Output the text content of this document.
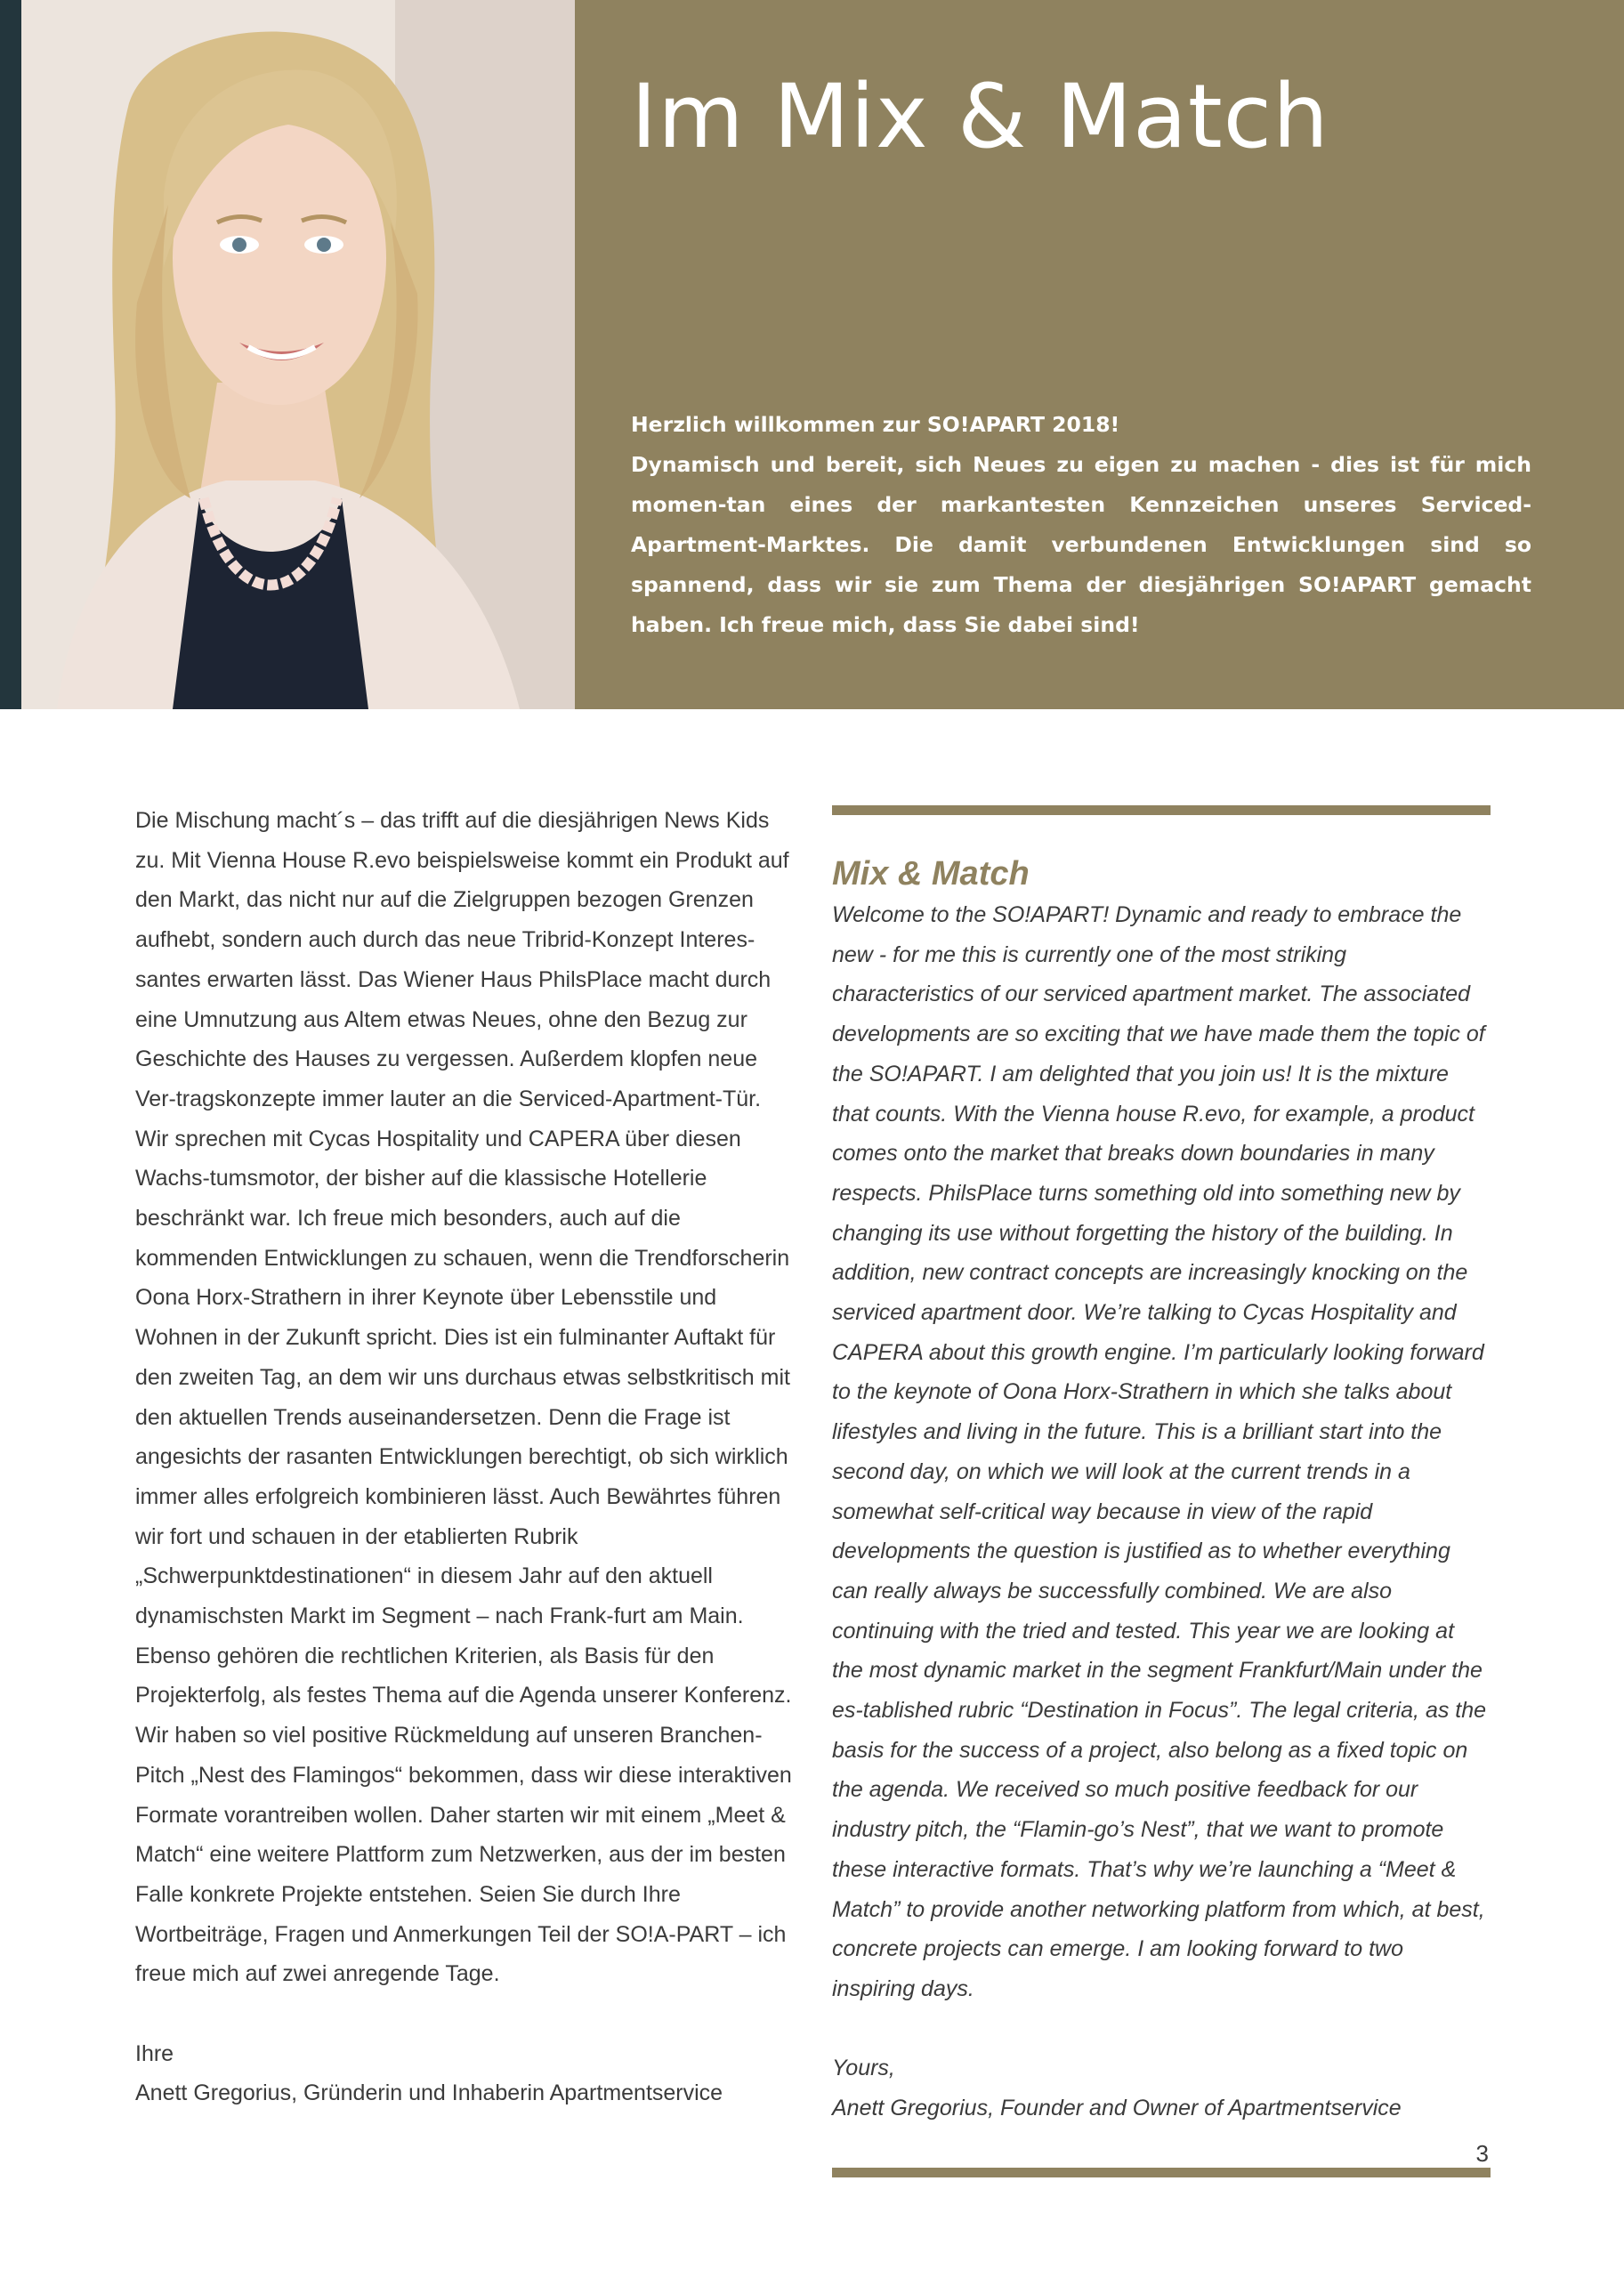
Im Mix & Match

Herzlich willkommen zur SO!APART 2018!

Dynamisch und bereit, sich Neues zu eigen zu machen - dies ist für mich momen-tan eines der markantesten Kennzeichen unseres Serviced-Apartment-Marktes. Die damit verbundenen Entwicklungen sind so spannend, dass wir sie zum Thema der diesjährigen SO!APART gemacht haben. Ich freue mich, dass Sie dabei sind!

Die Mischung macht´s – das trifft auf die diesjährigen News Kids zu. Mit Vienna House R.evo beispielsweise kommt ein Produkt auf den Markt, das nicht nur auf die Zielgruppen bezogen Grenzen aufhebt, sondern auch durch das neue Tribrid-Konzept Interes-santes erwarten lässt. Das Wiener Haus PhilsPlace macht durch eine Umnutzung aus Altem etwas Neues, ohne den Bezug zur Geschichte des Hauses zu vergessen. Außerdem klopfen neue Ver-tragskonzepte immer lauter an die Serviced-Apartment-Tür. Wir sprechen mit Cycas Hospitality und CAPERA über diesen Wachs-tumsmotor, der bisher auf die klassische Hotellerie beschränkt war. Ich freue mich besonders, auch auf die kommenden Entwicklungen zu schauen, wenn die Trendforscherin Oona Horx-Strathern in ihrer Keynote über Lebensstile und Wohnen in der Zukunft spricht. Dies ist ein fulminanter Auftakt für den zweiten Tag, an dem wir uns durchaus etwas selbstkritisch mit den aktuellen Trends auseinandersetzen. Denn die Frage ist angesichts der rasanten Entwicklungen berechtigt, ob sich wirklich immer alles erfolgreich kombinieren lässt. Auch Bewährtes führen wir fort und schauen in der etablierten Rubrik „Schwerpunktdestinationen“ in diesem Jahr auf den aktuell dynamischsten Markt im Segment – nach Frank-furt am Main. Ebenso gehören die rechtlichen Kriterien, als Basis für den Projekterfolg, als festes Thema auf die Agenda unserer Konferenz. Wir haben so viel positive Rückmeldung auf unseren Branchen-Pitch „Nest des Flamingos“ bekommen, dass wir diese interaktiven Formate vorantreiben wollen. Daher starten wir mit einem „Meet & Match“ eine weitere Plattform zum Netzwerken, aus der im besten Falle konkrete Projekte entstehen. Seien Sie durch Ihre Wortbeiträge, Fragen und Anmerkungen Teil der SO!A-PART – ich freue mich auf zwei anregende Tage.

Ihre

Anett Gregorius, Gründerin und Inhaberin Apartmentservice

Mix & Match

Welcome to the SO!APART! Dynamic and ready to embrace the new - for me this is currently one of the most striking characteristics of our serviced apartment market. The associated developments are so exciting that we have made them the topic of the SO!APART. I am delighted that you join us! It is the mixture that counts. With the Vienna house R.evo, for example, a product comes onto the market that breaks down boundaries in many respects. PhilsPlace turns something old into something new by changing its use without forgetting the history of the building. In addition, new contract concepts are increasingly knocking on the serviced apartment door. We’re talking to Cycas Hospitality and CAPERA about this growth engine. I’m particularly looking forward to the keynote of Oona Horx-Strathern in which she talks about lifestyles and living in the future. This is a brilliant start into the second day, on which we will look at the current trends in a somewhat self-critical way because in view of the rapid developments the question is justified as to whether everything can really always be successfully combined. We are also continuing with the tried and tested. This year we are looking at the most dynamic market in the segment Frankfurt/Main under the es-tablished rubric “Destination in Focus”. The legal criteria, as the basis for the success of a project, also belong as a fixed topic on the agenda. We received so much positive feedback for our industry pitch, the “Flamin-go’s Nest”, that we want to promote these interactive formats. That’s why we’re launching a “Meet & Match” to provide another networking platform from which, at best, concrete projects can emerge. I am looking forward to two inspiring days.

Yours,

Anett Gregorius, Founder and Owner of Apartmentservice

3
